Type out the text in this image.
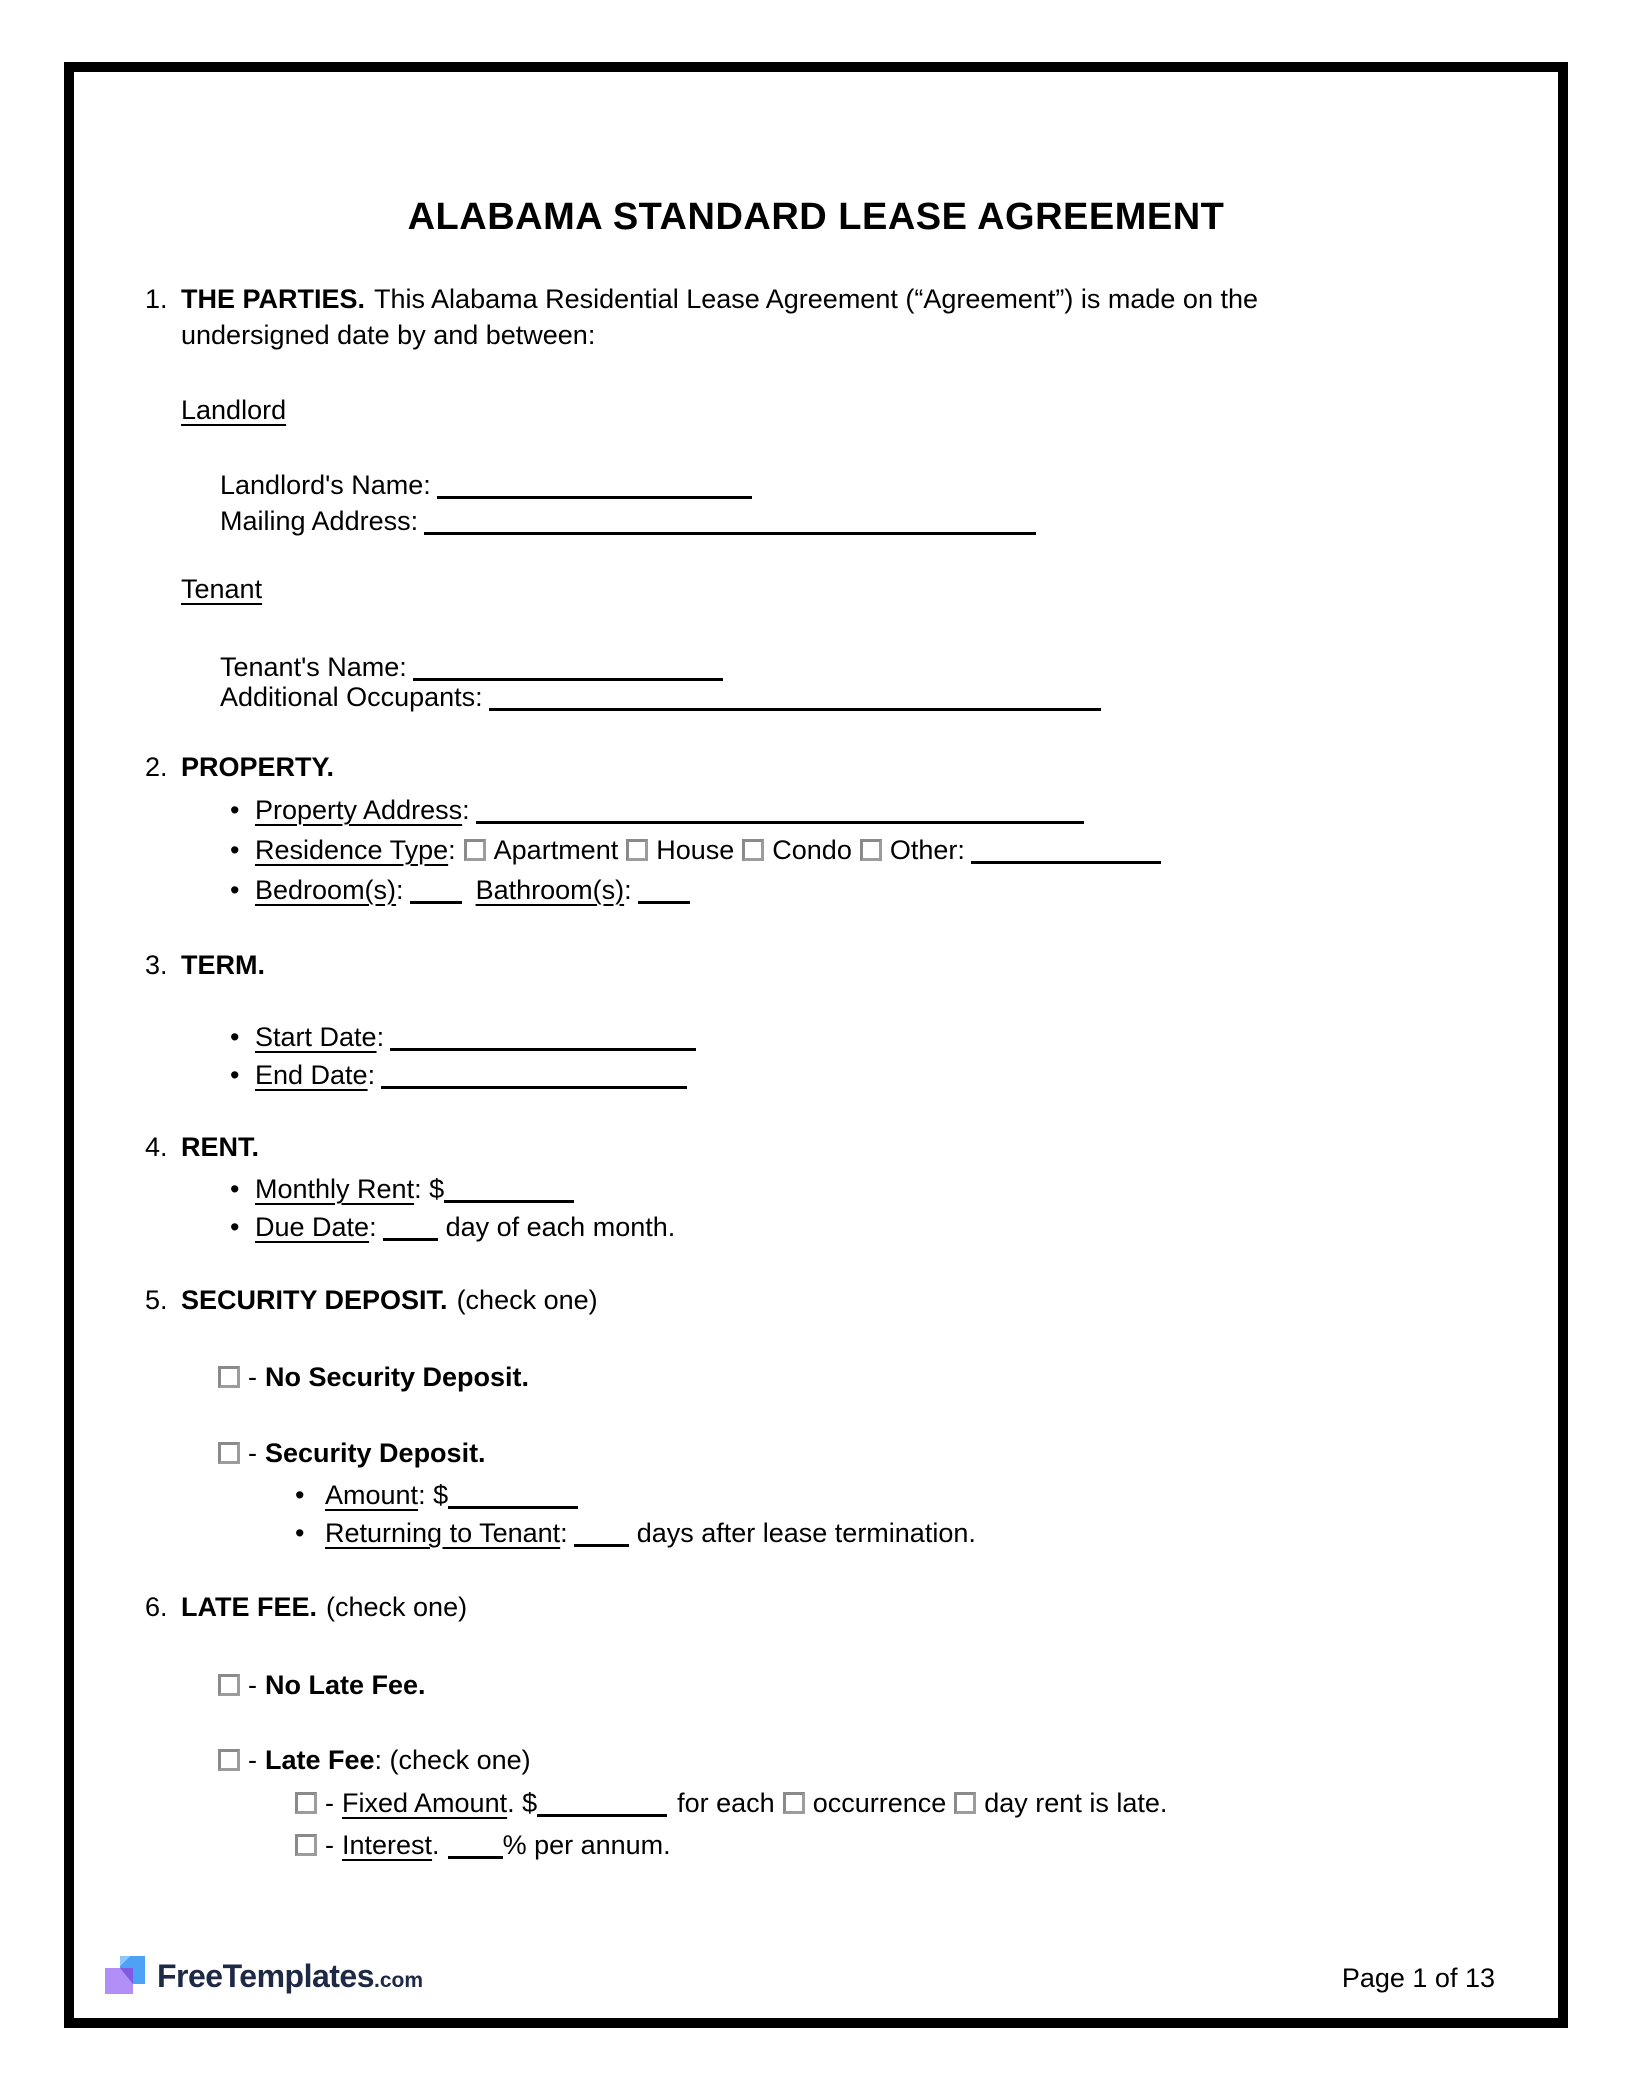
ALABAMA STANDARD LEASE AGREEMENT
1. THE PARTIES. This Alabama Residential Lease Agreement (“Agreement”) is made on the
undersigned date by and between:
Landlord
Landlord's Name:
Mailing Address:
Tenant
Tenant's Name:
Additional Occupants:
2. PROPERTY.
• Property Address:
• Residence Type: Apartment House Condo Other:
• Bedroom(s):	Bathroom(s):
3. TERM.
• Start Date:
• End Date:
4. RENT.
• Monthly Rent: $
• Due Date:	day of each month.
5. SECURITY DEPOSIT. (check one)
- No Security Deposit.
- Security Deposit.
• Amount: $
• Returning to Tenant:	days after lease termination.
6. LATE FEE. (check one)
- No Late Fee.
- Late Fee: (check one)
- Fixed Amount. $	for each occurrence day rent is late.
- Interest. % per annum.
FreeTemplates.com	Page 1 of 13
